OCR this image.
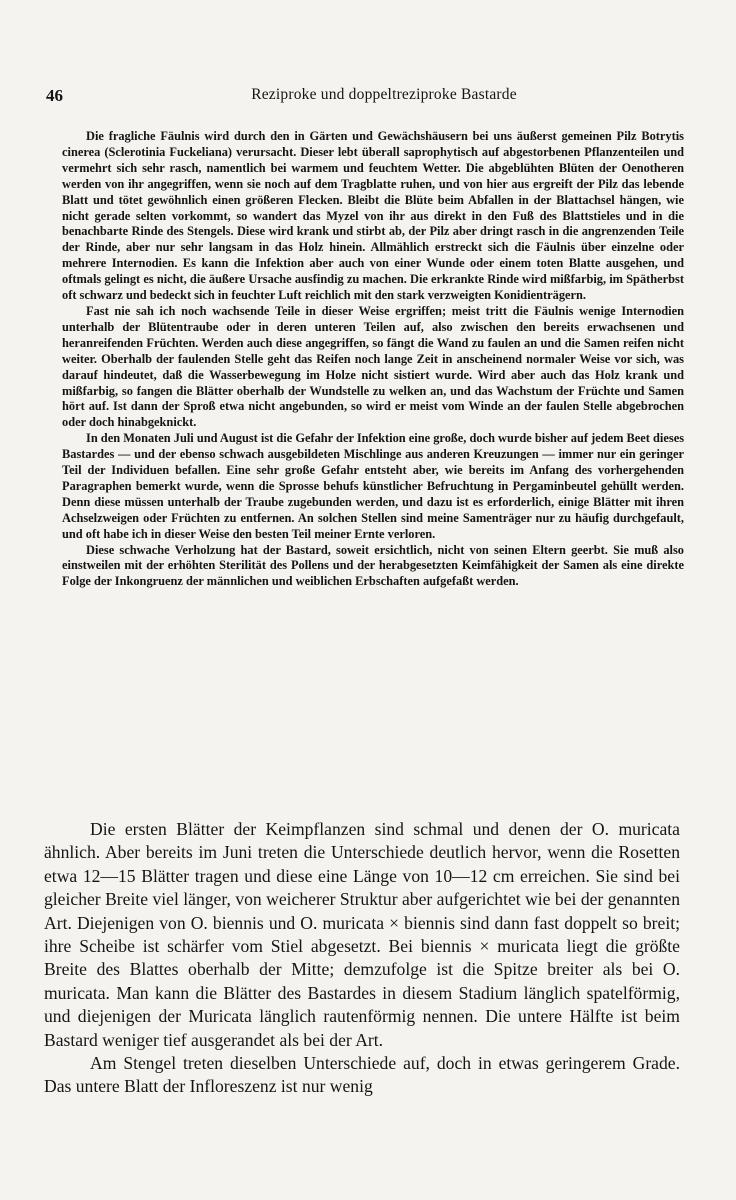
46	Reziproke und doppeltreziproke Bastarde

Die fragliche Fäulnis wird durch den in Gärten und Gewächshäusern bei uns äußerst gemeinen Pilz Botrytis cinerea (Sclerotinia Fuckeliana) verursacht. Dieser lebt überall saprophytisch auf abgestorbenen Pflanzenteilen und vermehrt sich sehr rasch, namentlich bei warmem und feuchtem Wetter. Die abgeblühten Blüten der Oenotheren werden von ihr angegriffen, wenn sie noch auf dem Tragblatte ruhen, und von hier aus ergreift der Pilz das lebende Blatt und tötet gewöhnlich einen größeren Flecken. Bleibt die Blüte beim Abfallen in der Blattachsel hängen, wie nicht gerade selten vorkommt, so wandert das Myzel von ihr aus direkt in den Fuß des Blattstieles und in die benachbarte Rinde des Stengels. Diese wird krank und stirbt ab, der Pilz aber dringt rasch in die angrenzenden Teile der Rinde, aber nur sehr langsam in das Holz hinein. Allmählich erstreckt sich die Fäulnis über einzelne oder mehrere Internodien. Es kann die Infektion aber auch von einer Wunde oder einem toten Blatte ausgehen, und oftmals gelingt es nicht, die äußere Ursache ausfindig zu machen. Die erkrankte Rinde wird mißfarbig, im Spätherbst oft schwarz und bedeckt sich in feuchter Luft reichlich mit den stark verzweigten Konidienträgern.

Fast nie sah ich noch wachsende Teile in dieser Weise ergriffen; meist tritt die Fäulnis wenige Internodien unterhalb der Blütentraube oder in deren unteren Teilen auf, also zwischen den bereits erwachsenen und heranreifenden Früchten. Werden auch diese angegriffen, so fängt die Wand zu faulen an und die Samen reifen nicht weiter. Oberhalb der faulenden Stelle geht das Reifen noch lange Zeit in anscheinend normaler Weise vor sich, was darauf hindeutet, daß die Wasserbewegung im Holze nicht sistiert wurde. Wird aber auch das Holz krank und mißfarbig, so fangen die Blätter oberhalb der Wundstelle zu welken an, und das Wachstum der Früchte und Samen hört auf. Ist dann der Sproß etwa nicht angebunden, so wird er meist vom Winde an der faulen Stelle abgebrochen oder doch hinabgeknickt.

In den Monaten Juli und August ist die Gefahr der Infektion eine große, doch wurde bisher auf jedem Beet dieses Bastardes — und der ebenso schwach ausgebildeten Mischlinge aus anderen Kreuzungen — immer nur ein geringer Teil der Individuen befallen. Eine sehr große Gefahr entsteht aber, wie bereits im Anfang des vorhergehenden Paragraphen bemerkt wurde, wenn die Sprosse behufs künstlicher Befruchtung in Pergaminbeutel gehüllt werden. Denn diese müssen unterhalb der Traube zugebunden werden, und dazu ist es erforderlich, einige Blätter mit ihren Achselzweigen oder Früchten zu entfernen. An solchen Stellen sind meine Samenträger nur zu häufig durchgefault, und oft habe ich in dieser Weise den besten Teil meiner Ernte verloren.

Diese schwache Verholzung hat der Bastard, soweit ersichtlich, nicht von seinen Eltern geerbt. Sie muß also einstweilen mit der erhöhten Sterilität des Pollens und der herabgesetzten Keimfähigkeit der Samen als eine direkte Folge der Inkongruenz der männlichen und weiblichen Erbschaften aufgefaßt werden.

Die ersten Blätter der Keimpflanzen sind schmal und denen der O. muricata ähnlich. Aber bereits im Juni treten die Unterschiede deutlich hervor, wenn die Rosetten etwa 12—15 Blätter tragen und diese eine Länge von 10—12 cm erreichen. Sie sind bei gleicher Breite viel länger, von weicherer Struktur aber aufgerichtet wie bei der genannten Art. Diejenigen von O. biennis und O. muricata × biennis sind dann fast doppelt so breit; ihre Scheibe ist schärfer vom Stiel abgesetzt. Bei biennis × muricata liegt die größte Breite des Blattes oberhalb der Mitte; demzufolge ist die Spitze breiter als bei O. muricata. Man kann die Blätter des Bastardes in diesem Stadium länglich spatelförmig, und diejenigen der Muricata länglich rautenförmig nennen. Die untere Hälfte ist beim Bastard weniger tief ausgerandet als bei der Art.

Am Stengel treten dieselben Unterschiede auf, doch in etwas geringerem Grade. Das untere Blatt der Infloreszenz ist nur wenig
